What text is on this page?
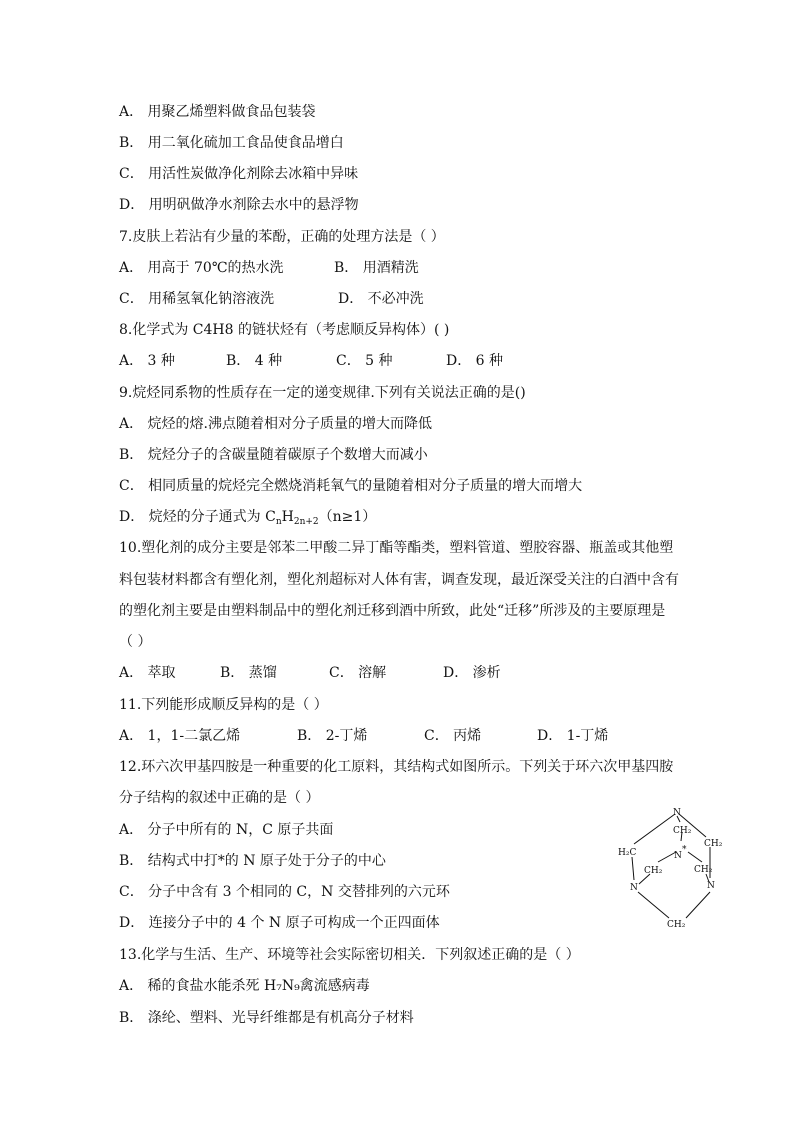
A． 用聚乙烯塑料做食品包装袋
B． 用二氧化硫加工食品使食品增白
C． 用活性炭做净化剂除去冰箱中异味
D． 用明矾做净水剂除去水中的悬浮物
7.皮肤上若沾有少量的苯酚，正确的处理方法是（ ）
A． 用高于 70℃的热水洗	B． 用酒精洗
C． 用稀氢氧化钠溶液洗	D． 不必冲洗
8.化学式为 C4H8 的链状烃有（考虑顺反异构体）( )
A． 3 种	B． 4 种	C． 5 种	D． 6 种
9.烷烃同系物的性质存在一定的递变规律.下列有关说法正确的是()
A． 烷烃的熔.沸点随着相对分子质量的增大而降低
B． 烷烃分子的含碳量随着碳原子个数增大而减小
C． 相同质量的烷烃完全燃烧消耗氧气的量随着相对分子质量的增大而增大
D． 烷烃的分子通式为 $C_nH_{2n+2}(n\ge 1)$
10.塑化剂的成分主要是邻苯二甲酸二异丁酯等酯类，塑料管道、塑胶容器、瓶盖或其他塑
料包装材料都含有塑化剂，塑化剂超标对人体有害，调查发现，最近深受关注的白酒中含有
的塑化剂主要是由塑料制品中的塑化剂迁移到酒中所致，此处“迁移”所涉及的主要原理是
（ ）
A． 萃取	B． 蒸馏	C． 溶解	D． 渗析
11.下列能形成顺反异构的是（ ）
A． 1，1-二氯乙烯	B． 2-丁烯	C． 丙烯	D． 1-丁烯
12.环六次甲基四胺是一种重要的化工原料，其结构式如图所示。下列关于环六次甲基四胺
分子结构的叙述中正确的是（ ）
A． 分子中所有的 N，C 原子共面
B． 结构式中打*的 N 原子处于分子的中心
C． 分子中含有 3 个相同的 C，N 交替排列的六元环
D． 连接分子中的 4 个 N 原子可构成一个正四面体
N
CH₂
CH₂
H₂C	N
*
CH₂	CH₂
N	N
CH₂
13.化学与生活、生产、环境等社会实际密切相关．下列叙述正确的是（ ）
A． 稀的食盐水能杀死 H₇N₉禽流感病毒
B． 涤纶、塑料、光导纤维都是有机高分子材料
